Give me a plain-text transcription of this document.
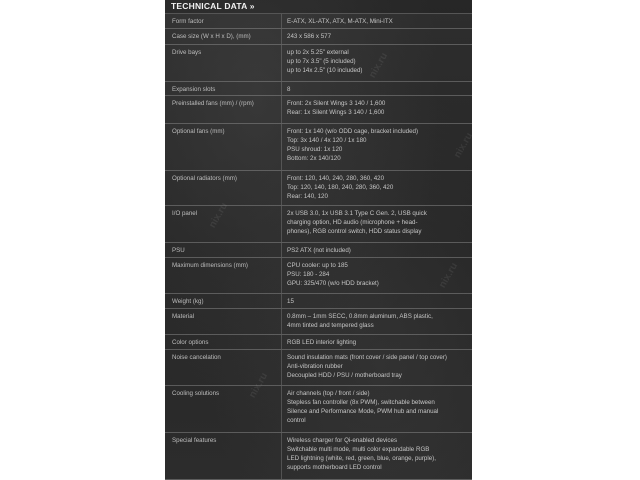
TECHNICAL DATA »
nix.ru
nix.ru
nix.ru
nix.ru
nix.ru
Form factor	E-ATX, XL-ATX, ATX, M-ATX, Mini-ITX
Case size (W x H x D), (mm)	243 x 586 x 577
Drive bays	up to 2x 5.25" external
up to 7x 3.5" (5 included)
up to 14x 2.5" (10 included)
Expansion slots	8
Preinstalled fans (mm) / (rpm)	Front: 2x Silent Wings 3 140 / 1,600
Rear: 1x Silent Wings 3 140 / 1,600
Optional fans (mm)	Front: 1x 140 (w/o ODD cage, bracket included)
Top: 3x 140 / 4x 120 / 1x 180
PSU shroud: 1x 120
Bottom: 2x 140/120
Optional radiators (mm)	Front: 120, 140, 240, 280, 360, 420
Top: 120, 140, 180, 240, 280, 360, 420
Rear: 140, 120
I/O panel	2x USB 3.0, 1x USB 3.1 Type C Gen. 2, USB quick
charging option, HD audio (microphone + head-
phones), RGB control switch, HDD status display
PSU	PS2 ATX (not included)
Maximum dimensions (mm)	CPU cooler: up to 185
PSU: 180 - 284
GPU: 325/470 (w/o HDD bracket)
Weight (kg)	15
Material	0.8mm – 1mm SECC, 0.8mm aluminum, ABS plastic,
4mm tinted and tempered glass
Color options	RGB LED interior lighting
Noise cancelation	Sound insulation mats (front cover / side panel / top cover)
Anti-vibration rubber
Decoupled HDD / PSU / motherboard tray
Cooling solutions	Air channels (top / front / side)
Stepless fan controller (8x PWM), switchable between
Silence and Performance Mode, PWM hub and manual
control
Special features	Wireless charger for Qi-enabled devices
Switchable multi mode, multi color expandable RGB
LED lightning (white, red, green, blue, orange, purple),
supports motherboard LED control
